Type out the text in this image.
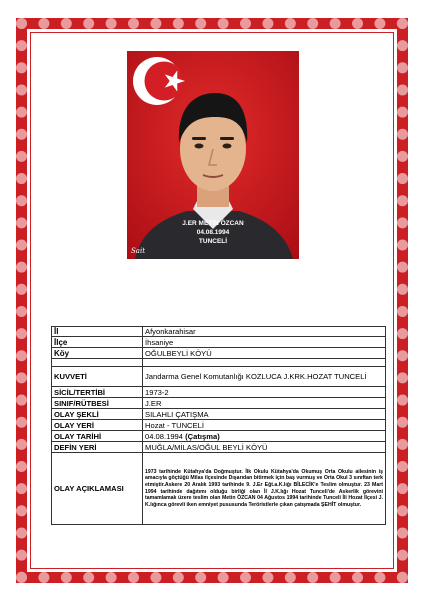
J.ER METİN ÖZCAN
04.08.1994
TUNCELİ
Sait
İl	Afyonkarahisar
İlçe	İhsaniye
Köy	OĞULBEYLİ KÖYÜ

KUVVETİ	Jandarma Genel Komutanlığı KOZLUCA J.KRK.HOZAT TUNCELİ
SİCİL/TERTİBİ	1973-2
SINIF/RÜTBESİ	J.ER
OLAY ŞEKLİ	SILAHLI ÇATIŞMA
OLAY YERİ	Hozat - TUNCELİ
OLAY TARİHİ	04.08.1994 (Çatışma)
DEFİN YERİ	MUĞLA/MİLAS/OĞUL BEYLİ KÖYÜ
OLAY AÇIKLAMASI	1973 tarihinde Kütahya'da Doğmuştur. İlk Okulu Kütahya'da Okumuş Orta Okulu ailesinin iş amacıyla göçtüğü Milas ilçesinde Dışarıdan bitirmek için baş vurmuş ve Orta Okul 3 sınıftan terk etmiştir.Askere 20 Aralık 1993 tarihinde 9. J.Er Eğt.a.K.lığı BİLECİK'e Teslim olmuştur. 23 Mart 1994 tarihinde dağıtımı olduğu birliği olan İl J.K.lığı Hozat Tunceli'de Askerlik görevini tamamlamak üzere teslim olan Metin ÖZCAN 04 Ağustos 1994 tarihinde Tunceli İli Hozat İlçesi J. K.lığınca görevli iken emniyet pususunda Teröristlerle çıkan çatışmada ŞEHİT olmuştur.
